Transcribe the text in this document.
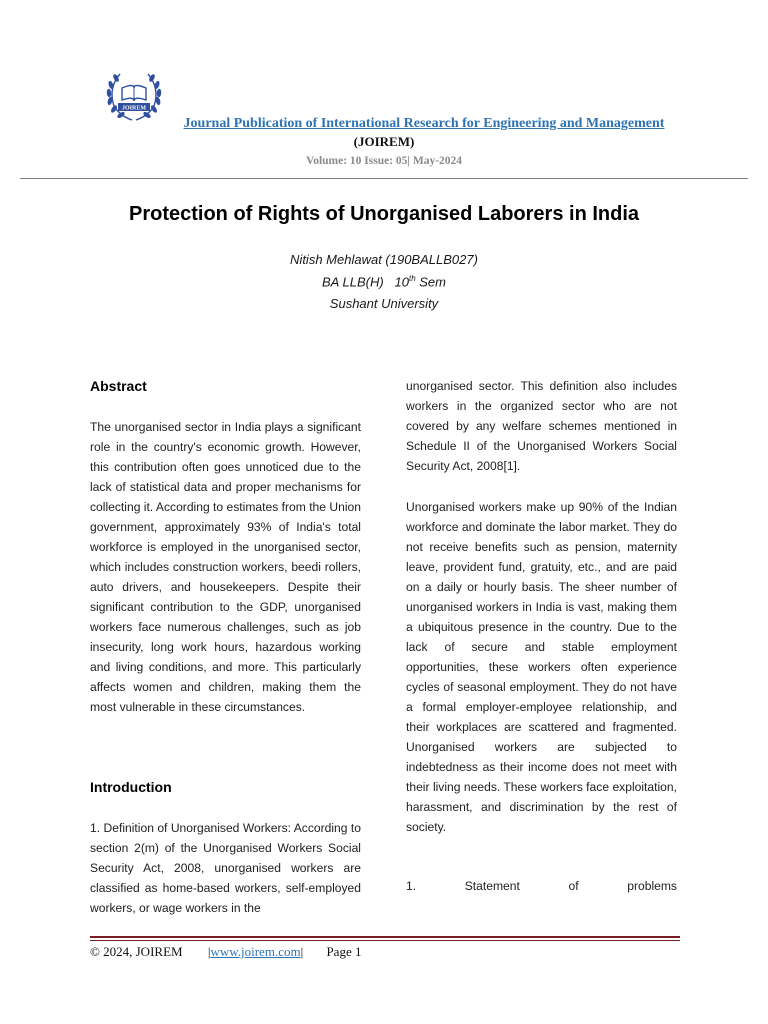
JOIREM
Journal Publication of International Research for Engineering and Management
(JOIREM)
Volume: 10 Issue: 05| May-2024
Protection of Rights of Unorganised Laborers in India
Nitish Mehlawat (190BALLB027)
BA LLB(H)   10th Sem
Sushant University
Abstract
The unorganised sector in India plays a significant role in the country's economic growth. However, this contribution often goes unnoticed due to the lack of statistical data and proper mechanisms for collecting it. According to estimates from the Union government, approximately 93% of India's total workforce is employed in the unorganised sector, which includes construction workers, beedi rollers, auto drivers, and housekeepers. Despite their significant contribution to the GDP, unorganised workers face numerous challenges, such as job insecurity, long work hours, hazardous working and living conditions, and more. This particularly affects women and children, making them the most vulnerable in these circumstances.
Introduction
1. Definition of Unorganised Workers: According to section 2(m) of the Unorganised Workers Social Security Act, 2008, unorganised workers are classified as home-based workers, self-employed workers, or wage workers in the
unorganised sector. This definition also includes workers in the organized sector who are not covered by any welfare schemes mentioned in Schedule II of the Unorganised Workers Social Security Act, 2008[1].
Unorganised workers make up 90% of the Indian workforce and dominate the labor market. They do not receive benefits such as pension, maternity leave, provident fund, gratuity, etc., and are paid on a daily or hourly basis. The sheer number of unorganised workers in India is vast, making them a ubiquitous presence in the country. Due to the lack of secure and stable employment opportunities, these workers often experience cycles of seasonal employment. They do not have a formal employer-employee relationship, and their workplaces are scattered and fragmented. Unorganised workers are subjected to indebtedness as their income does not meet with their living needs. These workers face exploitation, harassment, and discrimination by the rest of society.
1.	Statement	of	problems
© 2024, JOIREM |www.joirem.com| Page 1
